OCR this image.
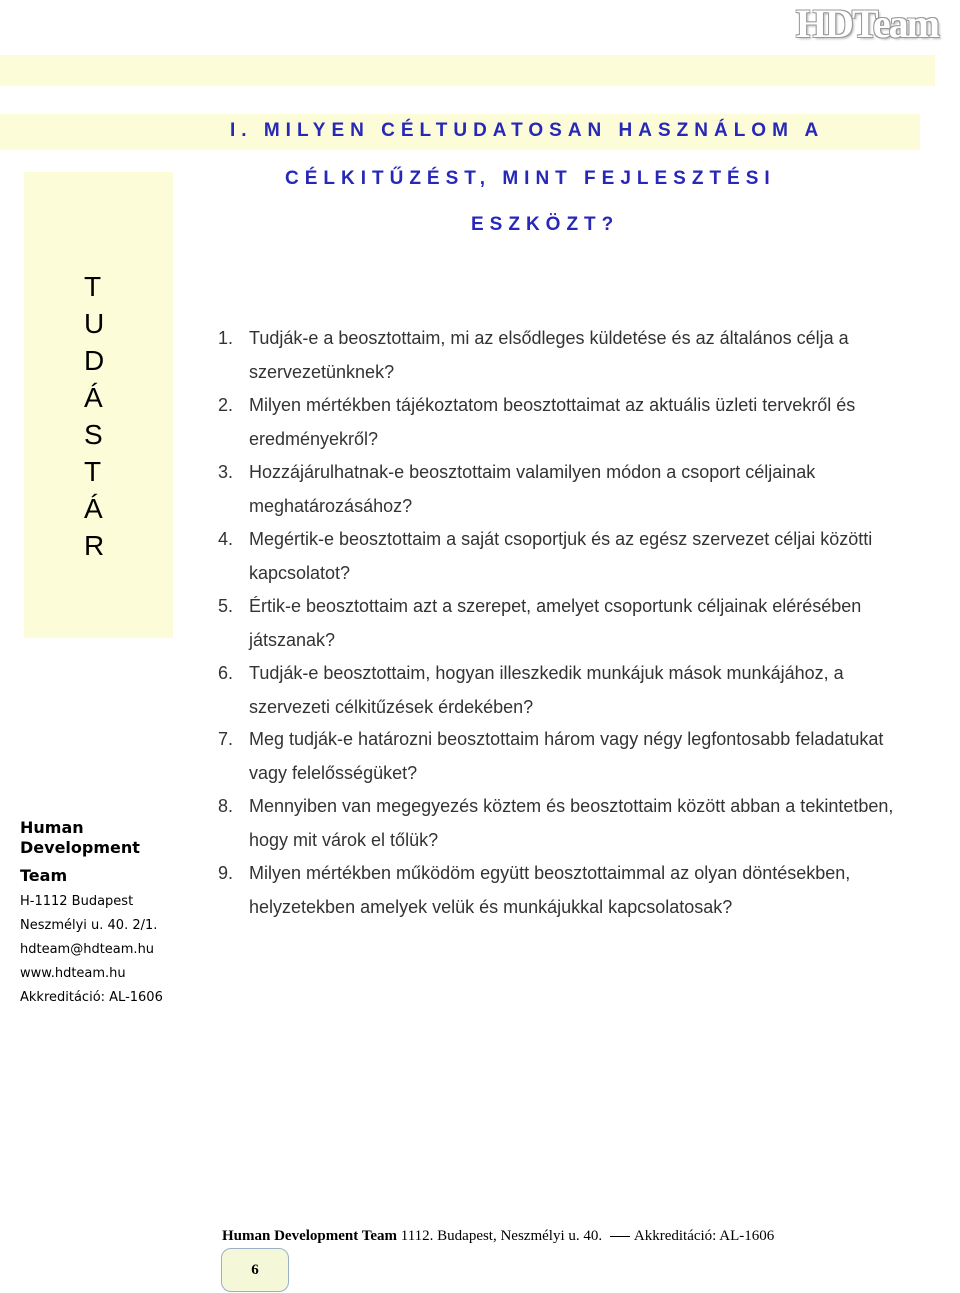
HDTeam
T
U
D
Á
S
T
Á
R
I. MILYEN CÉLTUDATOSAN HASZNÁLOM A
CÉLKITŰZÉST, MINT FEJLESZTÉSI
ESZKÖZT?
1. Tudják-e a beosztottaim, mi az elsődleges küldetése és az általános célja a szervezetünknek?
2. Milyen mértékben tájékoztatom beosztottaimat az aktuális üzleti tervekről és eredményekről?
3. Hozzájárulhatnak-e beosztottaim valamilyen módon a csoport céljainak meghatározásához?
4. Megértik-e beosztottaim a saját csoportjuk és az egész szervezet céljai közötti kapcsolatot?
5. Értik-e beosztottaim azt a szerepet, amelyet csoportunk céljainak elérésében játszanak?
6. Tudják-e beosztottaim, hogyan illeszkedik munkájuk mások munkájához, a szervezeti célkitűzések érdekében?
7. Meg tudják-e határozni beosztottaim három vagy négy legfontosabb feladatukat vagy felelősségüket?
8. Mennyiben van megegyezés köztem és beosztottaim között abban a tekintetben, hogy mit várok el tőlük?
9. Milyen mértékben működöm együtt beosztottaimmal az olyan döntésekben, helyzetekben amelyek velük és munkájukkal kapcsolatosak?
Human
Development
Team
H-1112 Budapest
Neszmélyi u. 40. 2/1.
hdteam@hdteam.hu
www.hdteam.hu
Akkreditáció: AL-1606
Human Development Team 1112. Budapest, Neszmélyi u. 40. Akkreditáció: AL-1606
6
